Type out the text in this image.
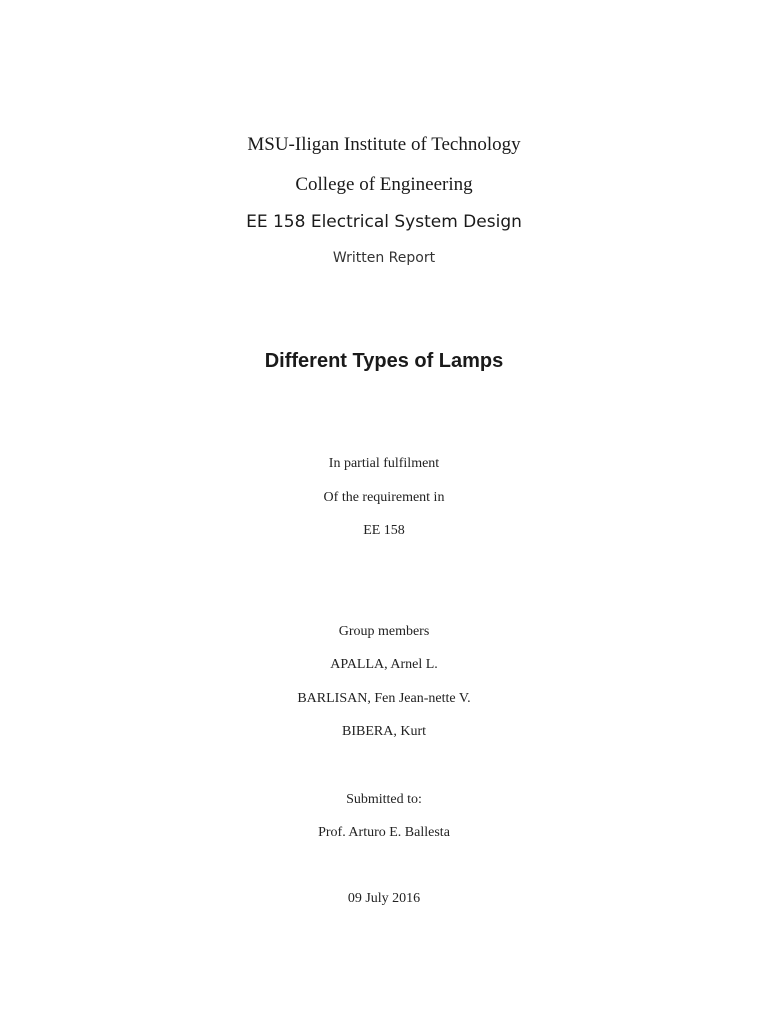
MSU-Iligan Institute of Technology
College of Engineering
EE 158 Electrical System Design
Written Report
Different Types of Lamps
In partial fulfilment
Of the requirement in
EE 158
Group members
APALLA, Arnel L.
BARLISAN, Fen Jean-nette V.
BIBERA, Kurt
Submitted to:
Prof. Arturo E. Ballesta
09 July 2016
